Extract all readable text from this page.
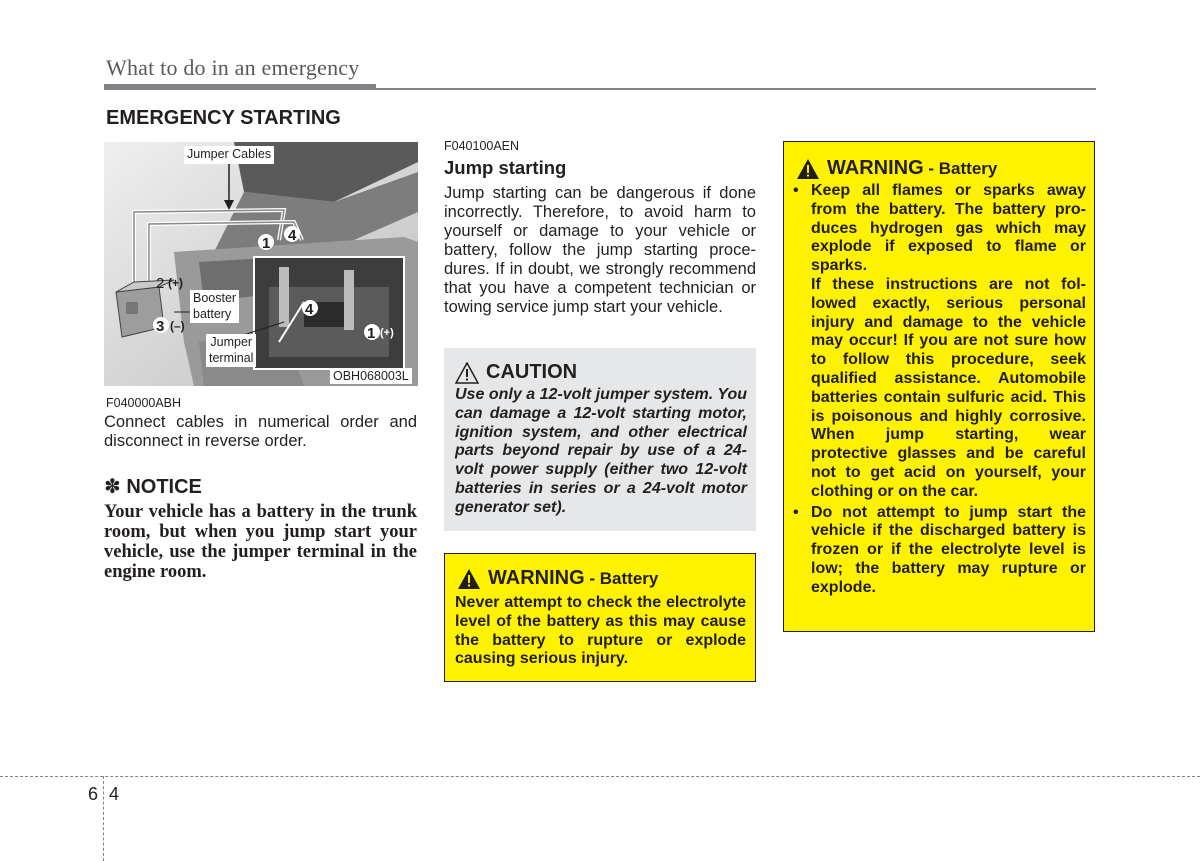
What to do in an emergency
EMERGENCY STARTING
1 4
2 (+)
3 (–)
4
1 (+)
Jumper Cables
Booster
battery
Jumper
terminal
OBH068003L
F040000ABH
Connect cables in numerical order and disconnect in reverse order.
✽ NOTICE
Your vehicle has a battery in the trunk room, but when you jump start your vehicle, use the jumper terminal in the engine room.
F040100AEN
Jump starting
Jump starting can be dangerous if done incorrectly. Therefore, to avoid harm to yourself or damage to your vehicle or battery, follow the jump starting procedures. If in doubt, we strongly recommend that you have a competent technician or towing service jump start your vehicle.
CAUTION
Use only a 12-volt jumper system. You can damage a 12-volt starting motor, ignition system, and other electrical parts beyond repair by use of a 24-volt power supply (either two 12-volt batteries in series or a 24-volt motor generator set).
WARNING - Battery
Never attempt to check the electrolyte level of the battery as this may cause the battery to rupture or explode causing serious injury.
WARNING - Battery
• Keep all flames or sparks away from the battery. The battery produces hydrogen gas which may explode if exposed to flame or sparks.
If these instructions are not followed exactly, serious personal injury and damage to the vehicle may occur! If you are not sure how to follow this procedure, seek qualified assistance. Automobile batteries contain sulfuric acid. This is poisonous and highly corrosive. When jump starting, wear protective glasses and be careful not to get acid on yourself, your clothing or on the car.
• Do not attempt to jump start the vehicle if the discharged battery is frozen or if the electrolyte level is low; the battery may rupture or explode.
6 4
